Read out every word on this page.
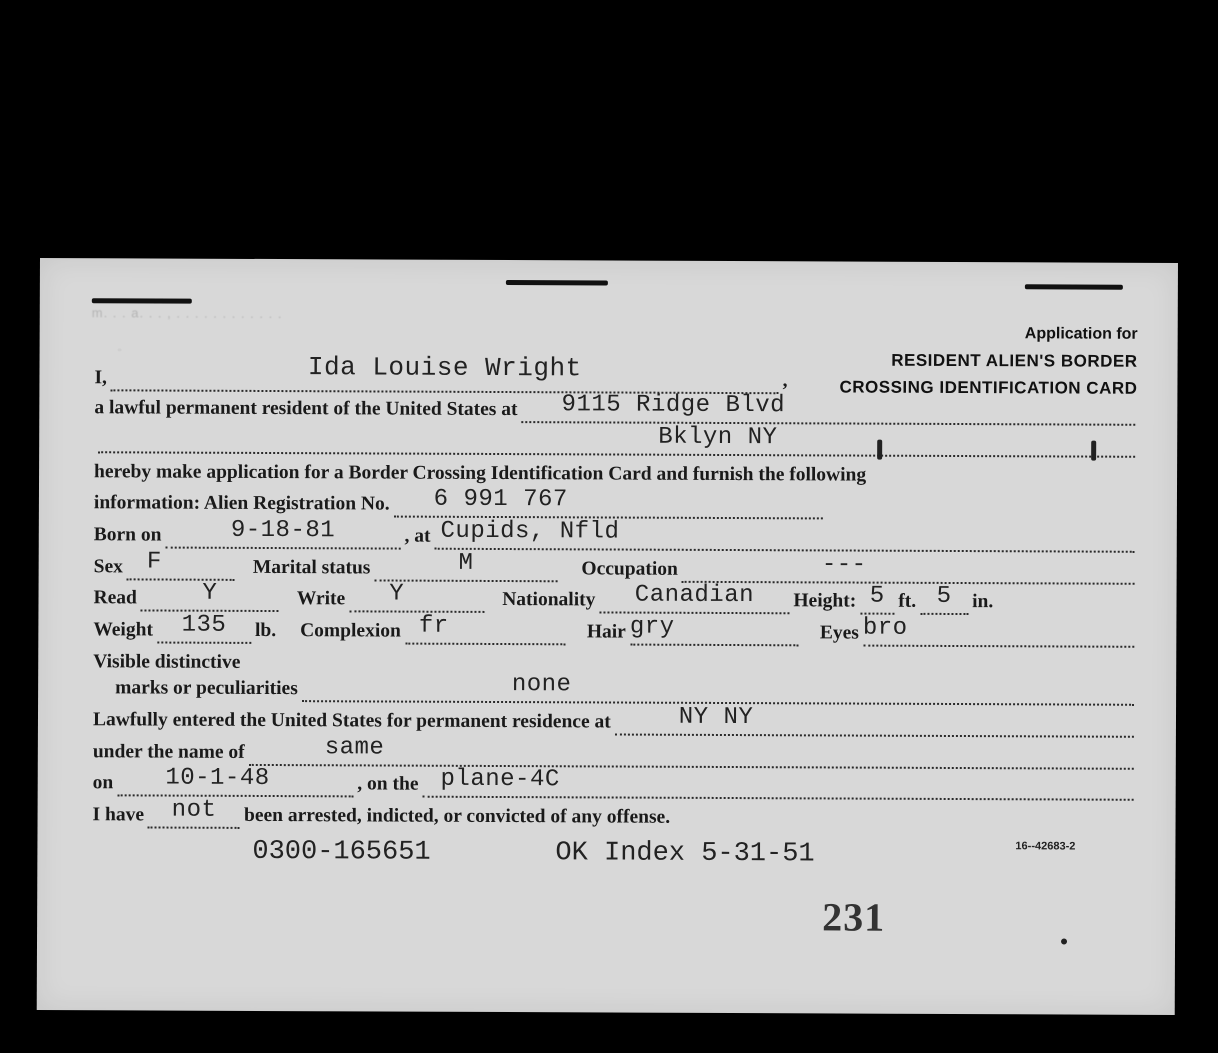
m. . . a. . . , . . . . . . . . . . . .
Application for
RESIDENT ALIEN'S BORDER
CROSSING IDENTIFICATION CARD
I,	Ida Louise Wright	,
a lawful permanent resident of the United States at 9115 Ridge Blvd
Bklyn NY
hereby make application for a Border Crossing Identification Card and furnish the following
information: Alien Registration No. 6 991 767
Born on	9-18-81	, at Cupids, Nfld
Sex F	Marital status	M	Occupation	---
Read	Y	Write Y	Nationality	Canadian	Height: 5 ft. 5	in.
Weight	135	lb. Complexion fr	Hair gry	Eyes bro
Visible distinctive
marks or peculiarities	none
Lawfully entered the United States for permanent residence at	NY NY
under the name of	same
on 10-1-48	, on the plane-4C
I have	not	been arrested, indicted, or convicted of any offense.
0300-165651	OK Index 5-31-51	16--42683-2
231
